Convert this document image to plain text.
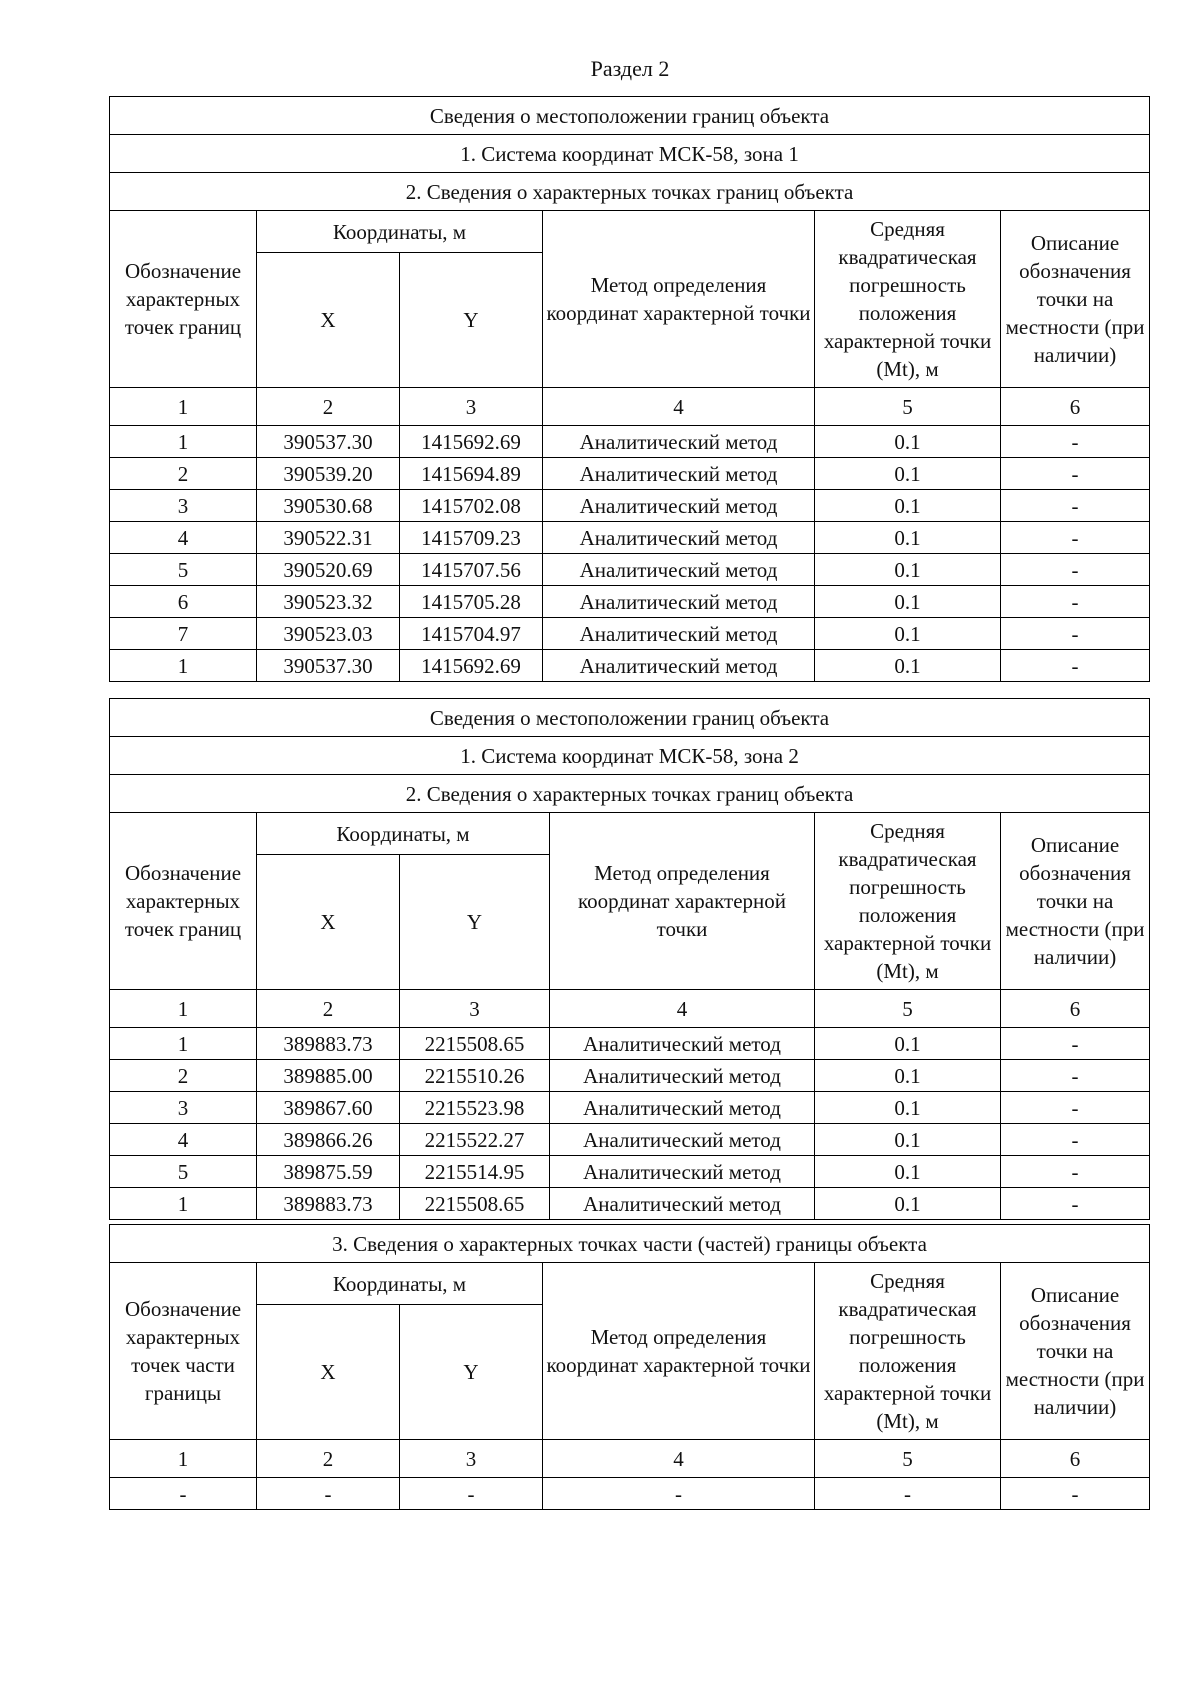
Раздел 2
Сведения о местоположении границ объекта					
1. Система координат МСК-58, зона 1					
2. Сведения о характерных точках границ объекта					
Обозначение характерных точек границ	Координаты, м		Метод определения координат характерной точки	Средняя квадратическая погрешность положения характерной точки (Mt), м	Описание обозначения точки на местности (при наличии)
	X	Y			
1	2	3	4	5	6
1	390537.30	1415692.69	Аналитический метод	0.1	-
2	390539.20	1415694.89	Аналитический метод	0.1	-
3	390530.68	1415702.08	Аналитический метод	0.1	-
4	390522.31	1415709.23	Аналитический метод	0.1	-
5	390520.69	1415707.56	Аналитический метод	0.1	-
6	390523.32	1415705.28	Аналитический метод	0.1	-
7	390523.03	1415704.97	Аналитический метод	0.1	-
1	390537.30	1415692.69	Аналитический метод	0.1	-
Сведения о местоположении границ объекта					
1. Система координат МСК-58, зона 2					
2. Сведения о характерных точках границ объекта					
Обозначение характерных точек границ	Координаты, м		Метод определения координат характерной точки	Средняя квадратическая погрешность положения характерной точки (Mt), м	Описание обозначения точки на местности (при наличии)
	X	Y			
1	2	3	4	5	6
1	389883.73	2215508.65	Аналитический метод	0.1	-
2	389885.00	2215510.26	Аналитический метод	0.1	-
3	389867.60	2215523.98	Аналитический метод	0.1	-
4	389866.26	2215522.27	Аналитический метод	0.1	-
5	389875.59	2215514.95	Аналитический метод	0.1	-
1	389883.73	2215508.65	Аналитический метод	0.1	-
3. Сведения о характерных точках части (частей) границы объекта					
Обозначение характерных точек части границы	Координаты, м		Метод определения координат характерной точки	Средняя квадратическая погрешность положения характерной точки (Mt), м	Описание обозначения точки на местности (при наличии)
	X	Y			
1	2	3	4	5	6
-	-	-	-	-	-
